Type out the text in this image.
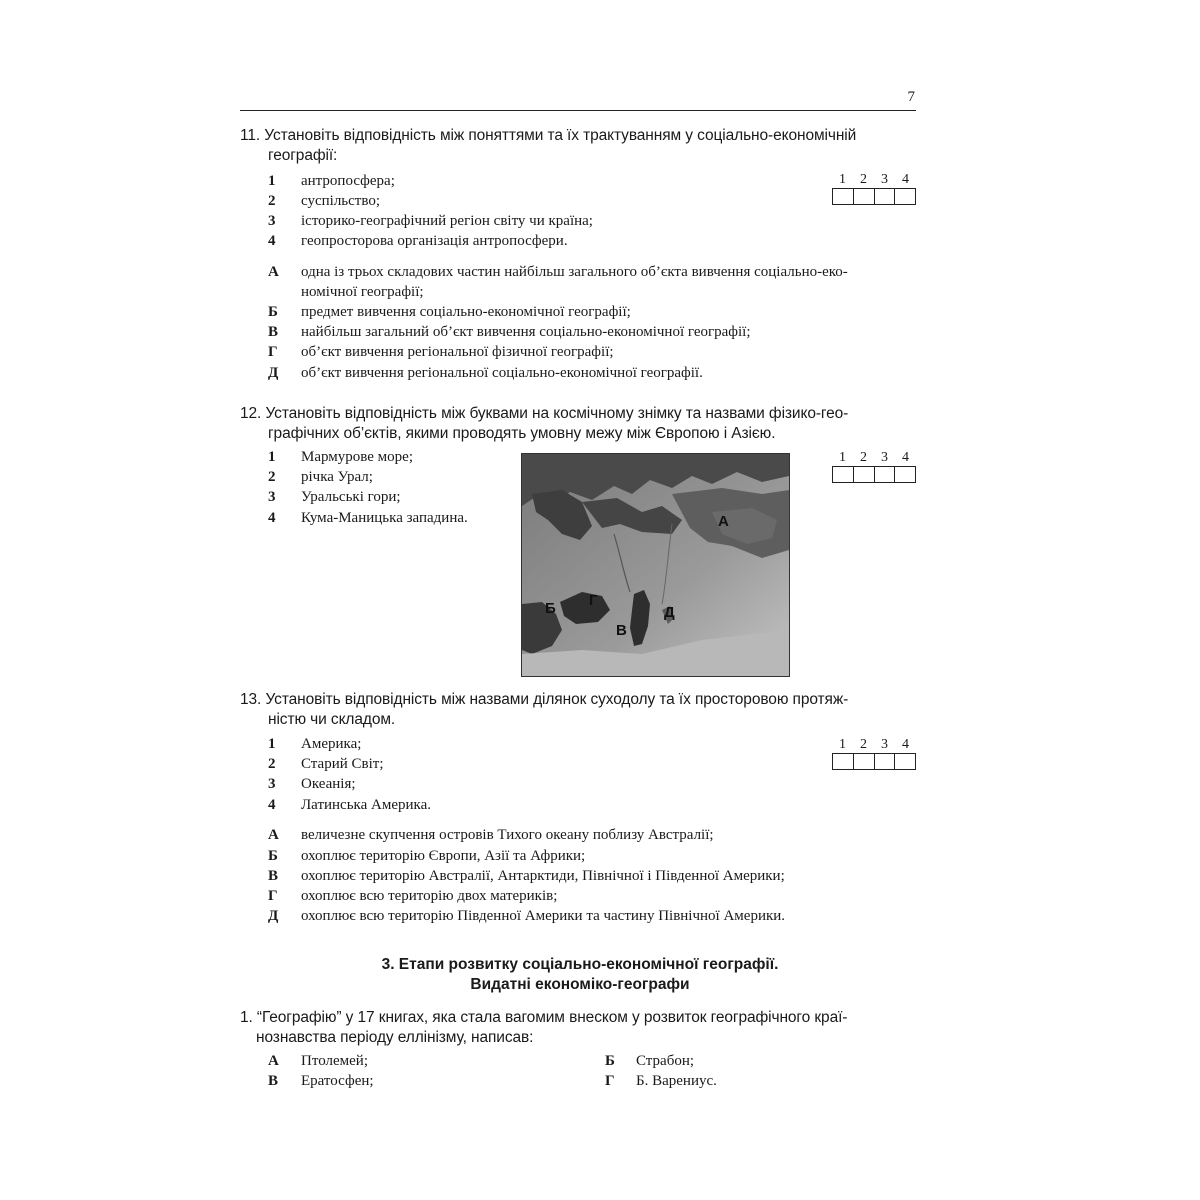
7
11. Установіть відповідність між поняттями та їх трактуванням у соціально-економічній
географії:
1 антропосфера;
2 суспільство;
3 історико-географічний регіон світу чи країна;
4 геопросторова організація антропосфери.
1	2	3	4
А одна із трьох складових частин найбільш загального об’єкта вивчення соціально-еко-
номічної географії;
Б предмет вивчення соціально-економічної географії;
В найбільш загальний об’єкт вивчення соціально-економічної географії;
Г об’єкт вивчення регіональної фізичної географії;
Д об’єкт вивчення регіональної соціально-економічної географії.
12. Установіть відповідність між буквами на космічному знімку та назвами фізико-гео-
графічних об’єктів, якими проводять умовну межу між Європою і Азією.
1 Мармурове море;
2 річка Урал;
3 Уральські гори;
4 Кума-Маницька западина.	А
Б Г
В
Д
1	2	3	4
13. Установіть відповідність між назвами ділянок суходолу та їх просторовою протяж-
ністю чи складом.
1 Америка;
2 Старий Світ;
3 Океанія;
4 Латинська Америка.
1	2	3	4
А величезне скупчення островів Тихого океану поблизу Австралії;
Б охоплює територію Європи, Азії та Африки;
В охоплює територію Австралії, Антарктиди, Північної і Південної Америки;
Г охоплює всю територію двох материків;
Д охоплює всю територію Південної Америки та частину Північної Америки.
3. Етапи розвитку соціально-економічної географії.
Видатні економіко-географи
1. “Географію” у 17 книгах, яка стала вагомим внеском у розвиток географічного краї-
нознавства періоду еллінізму, написав:
А Птолемей;	Б Страбон;
В Ератосфен;	Г Б. Варениус.
